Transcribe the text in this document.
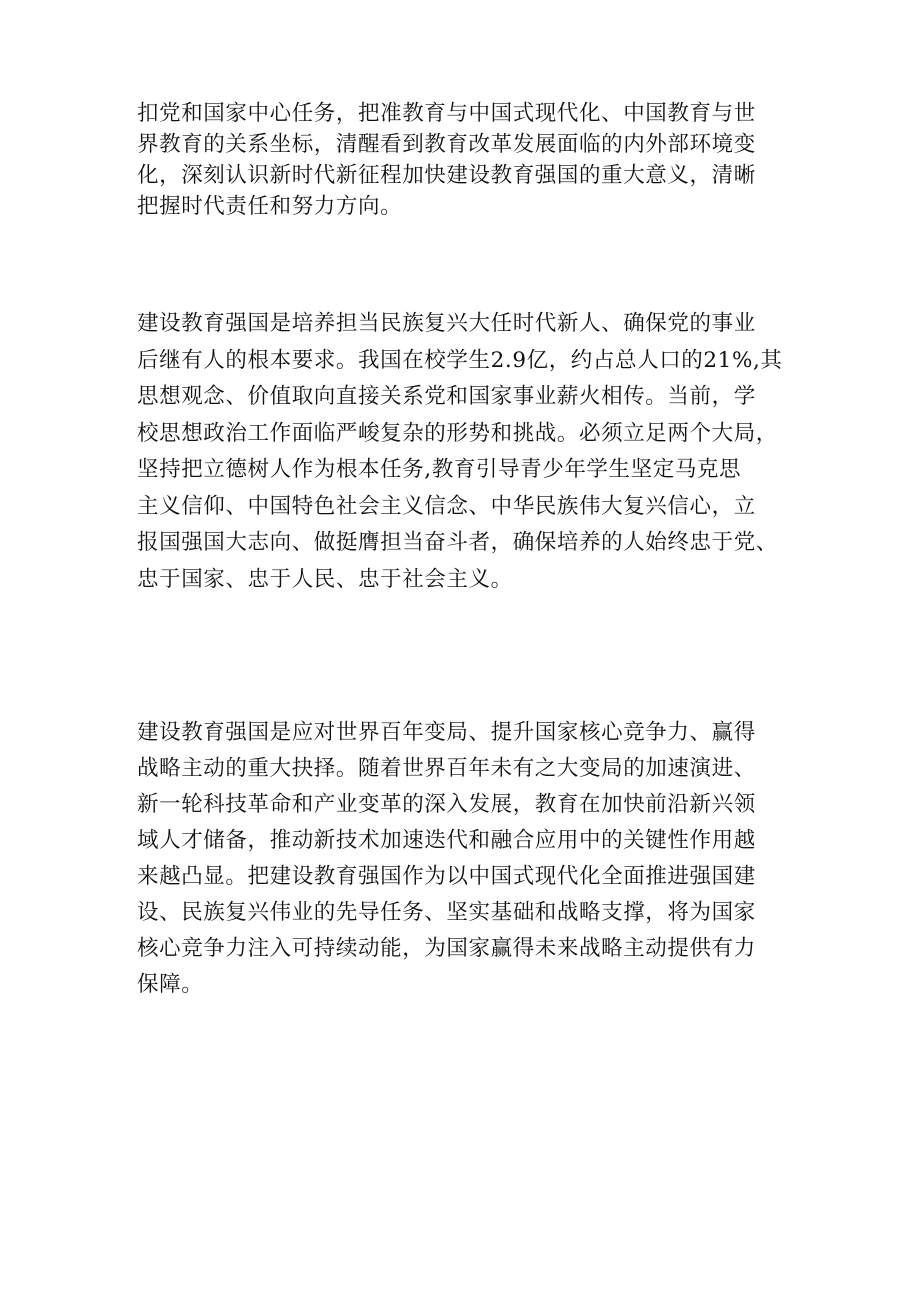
扣党和国家中心任务，把准教育与中国式现代化、中国教育与世
界教育的关系坐标，清醒看到教育改革发展面临的内外部环境变
化，深刻认识新时代新征程加快建设教育强国的重大意义，清晰
把握时代责任和努力方向。

建设教育强国是培养担当民族复兴大任时代新人、确保党的事业
后继有人的根本要求。我国在校学生2.9亿，约占总人口的21%,其
思想观念、价值取向直接关系党和国家事业薪火相传。当前，学
校思想政治工作面临严峻复杂的形势和挑战。必须立足两个大局，
坚持把立德树人作为根本任务,教育引导青少年学生坚定马克思
主义信仰、中国特色社会主义信念、中华民族伟大复兴信心，立
报国强国大志向、做挺膺担当奋斗者，确保培养的人始终忠于党、
忠于国家、忠于人民、忠于社会主义。

建设教育强国是应对世界百年变局、提升国家核心竞争力、赢得
战略主动的重大抉择。随着世界百年未有之大变局的加速演进、
新一轮科技革命和产业变革的深入发展，教育在加快前沿新兴领
域人才储备，推动新技术加速迭代和融合应用中的关键性作用越
来越凸显。把建设教育强国作为以中国式现代化全面推进强国建
设、民族复兴伟业的先导任务、坚实基础和战略支撑，将为国家
核心竞争力注入可持续动能，为国家赢得未来战略主动提供有力
保障。
